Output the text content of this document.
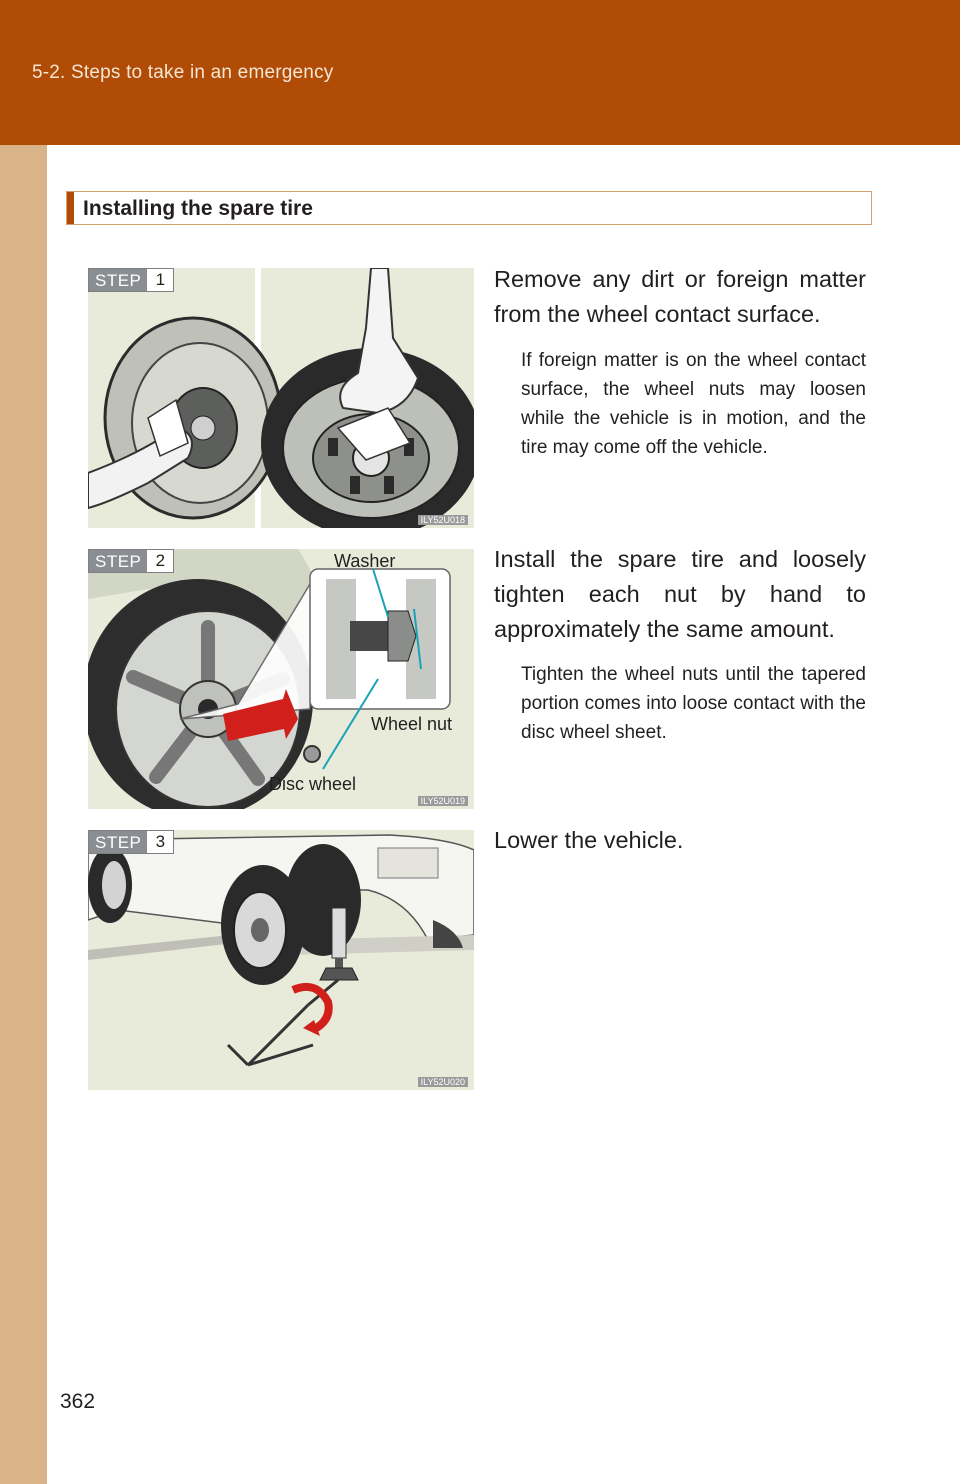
5-2. Steps to take in an emergency
Installing the spare tire
STEP 1
ILY52U018
Remove any dirt or foreign matter from the wheel contact surface.
If foreign matter is on the wheel contact surface, the wheel nuts may loosen while the vehicle is in motion, and the tire may come off the vehicle.
STEP 2	Washer
Wheel nut
Disc wheel
ILY52U019
Install the spare tire and loosely tighten each nut by hand to approximately the same amount.
Tighten the wheel nuts until the tapered portion comes into loose contact with the disc wheel sheet.
STEP 3
ILY52U020
Lower the vehicle.
362
